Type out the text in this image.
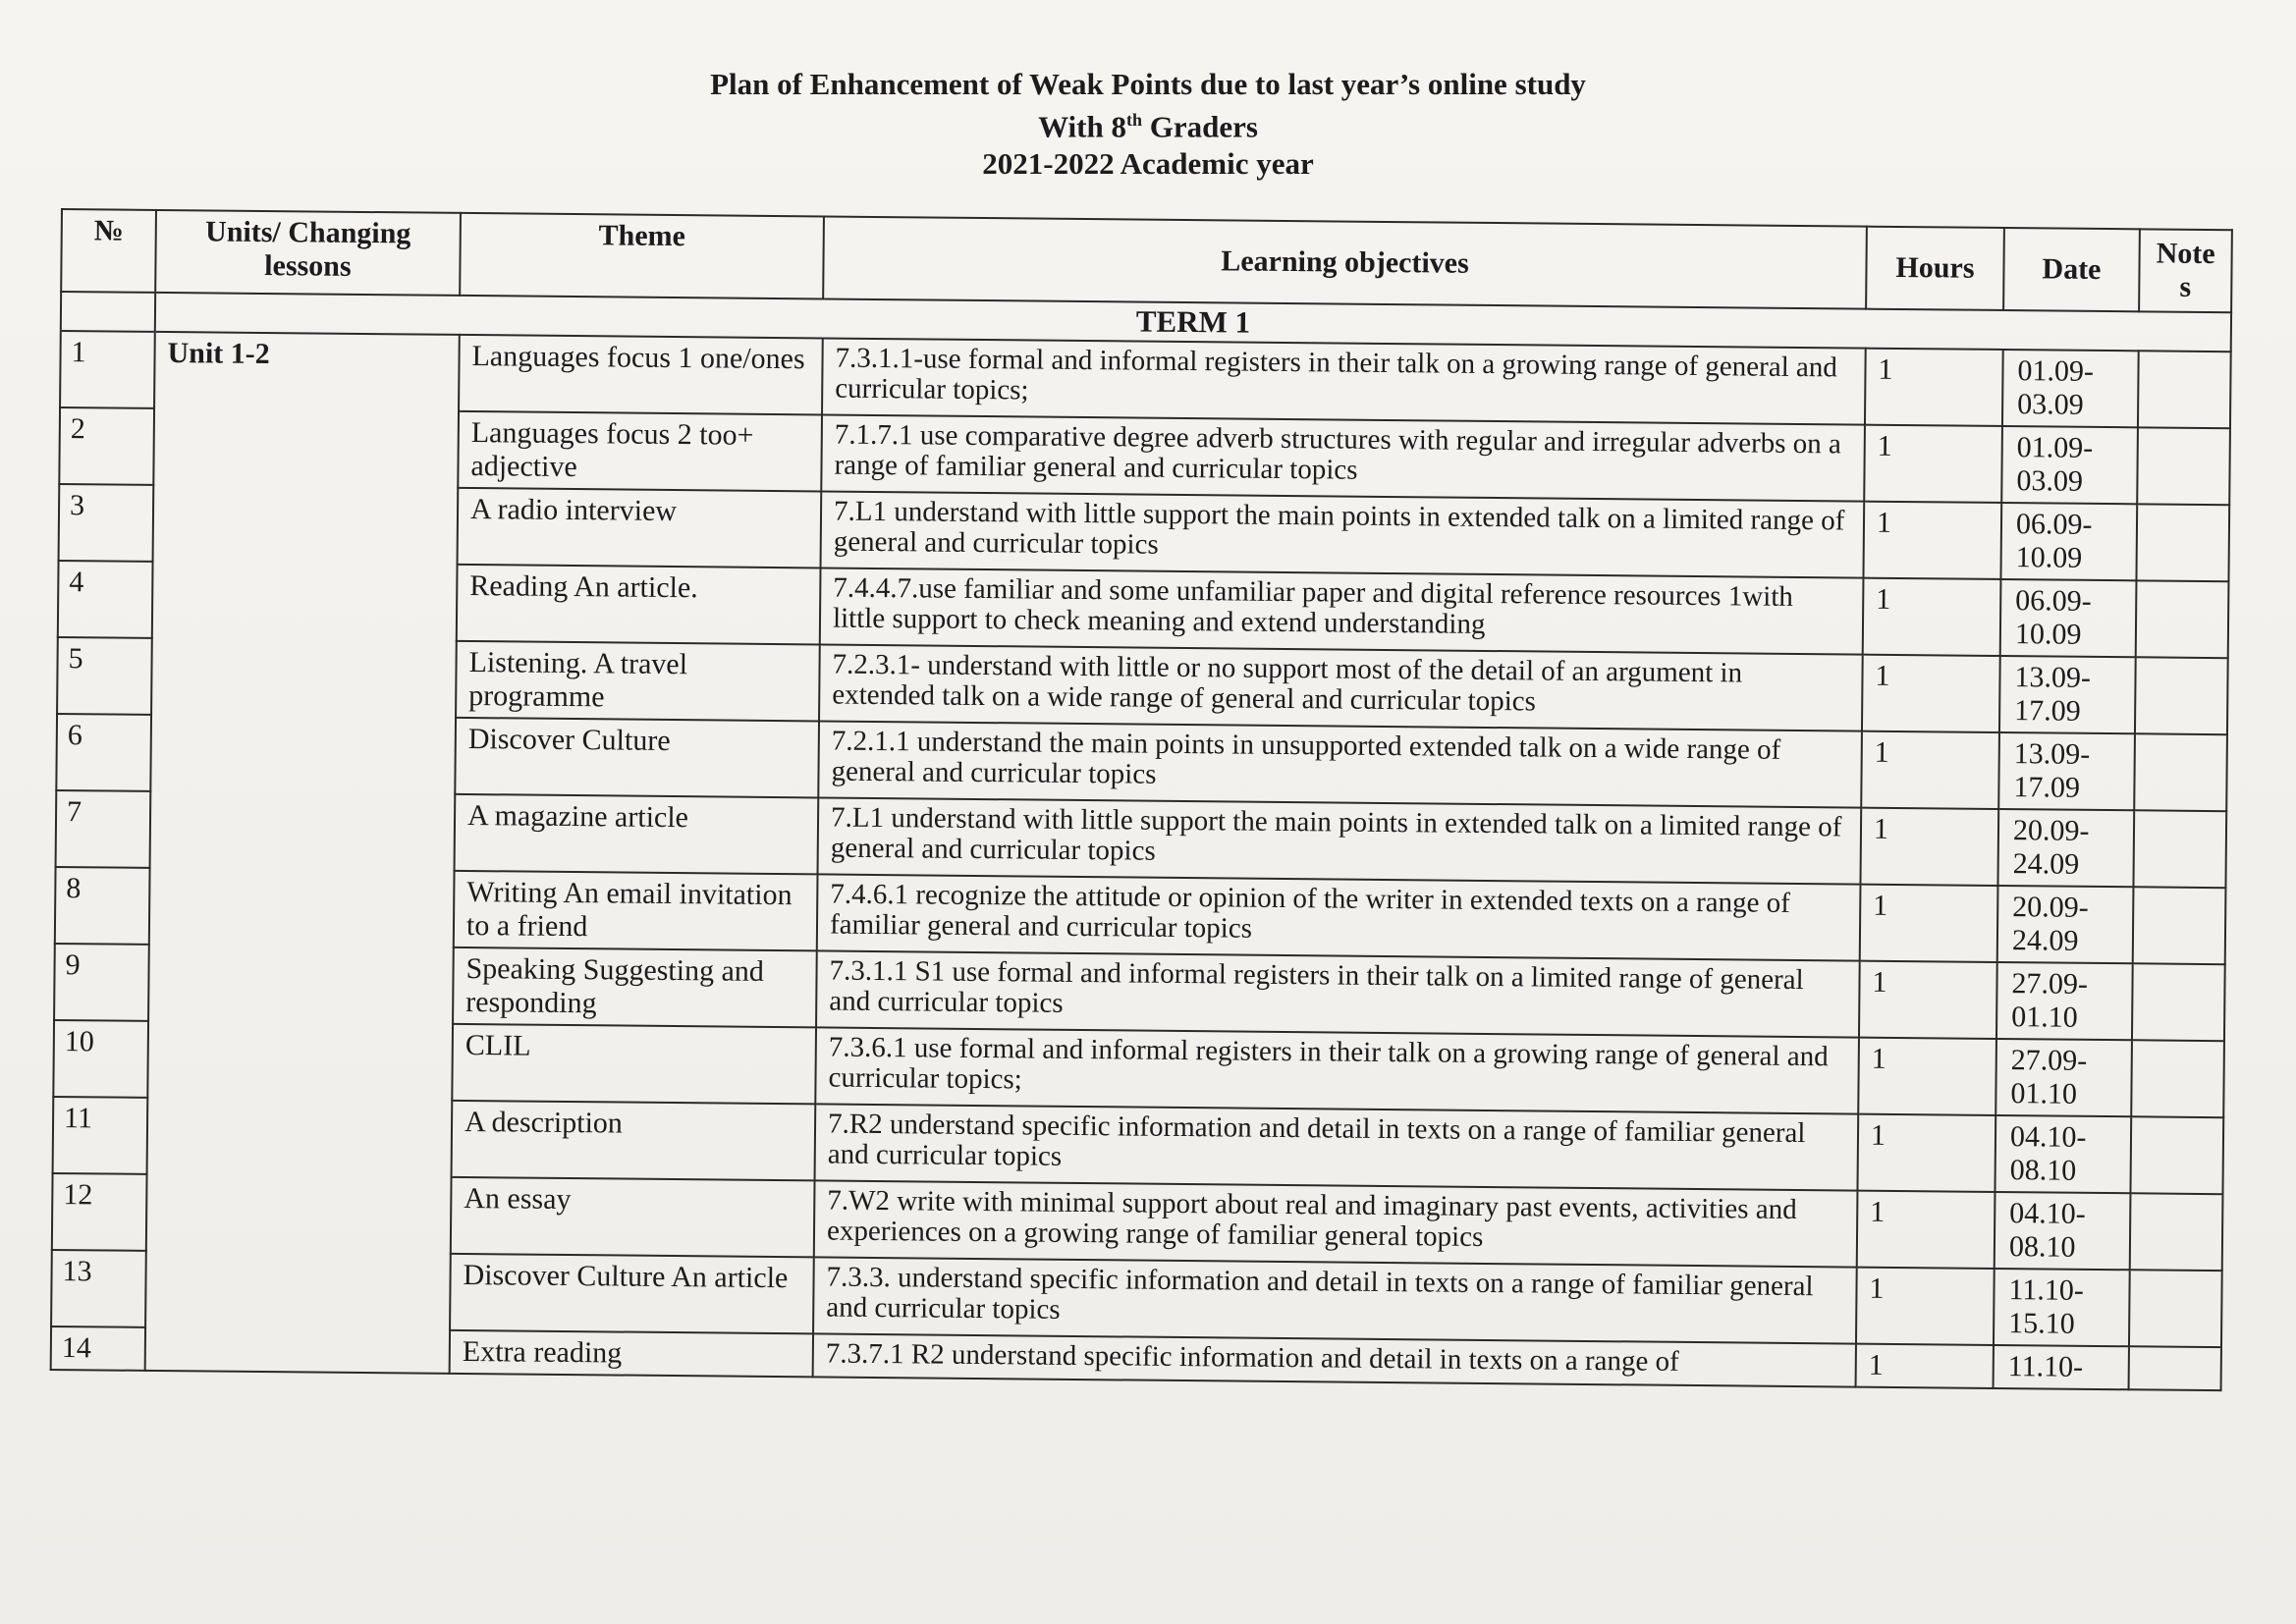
Plan of Enhancement of Weak Points due to last year’s online study
With 8th Graders
2021-2022 Academic year
№	Units/ Changing lessons	Theme	Learning objectives	Hours	Date	Note s
	TERM 1					
1	Unit 1-2	Languages focus 1 one/ones	7.3.1.1-use formal and informal registers in their talk on a growing range of general and curricular topics;	1	01.09-03.09	
2		Languages focus 2 too+ adjective	7.1.7.1 use comparative degree adverb structures with regular and irregular adverbs on a range of familiar general and curricular topics	1	01.09-03.09	
3		A radio interview	7.L1 understand with little support the main points in extended talk on a limited range of general and curricular topics	1	06.09-10.09	
4		Reading An article.	7.4.4.7.use familiar and some unfamiliar paper and digital reference resources 1with little support to check meaning and extend understanding	1	06.09-10.09	
5		Listening. A travel programme	7.2.3.1- understand with little or no support most of the detail of an argument in extended talk on a wide range of general and curricular topics	1	13.09-17.09	
6		Discover Culture	7.2.1.1 understand the main points in unsupported extended talk on a wide range of general and curricular topics	1	13.09-17.09	
7		A magazine article	7.L1 understand with little support the main points in extended talk on a limited range of general and curricular topics	1	20.09-24.09	
8		Writing An email invitation to a friend	7.4.6.1 recognize the attitude or opinion of the writer in extended texts on a range of familiar general and curricular topics	1	20.09-24.09	
9		Speaking Suggesting and responding	7.3.1.1 S1 use formal and informal registers in their talk on a limited range of general and curricular topics	1	27.09-01.10	
10		CLIL	7.3.6.1 use formal and informal registers in their talk on a growing range of general and curricular topics;	1	27.09-01.10	
11		A description	7.R2 understand specific information and detail in texts on a range of familiar general and curricular topics	1	04.10-08.10	
12		An essay	7.W2 write with minimal support about real and imaginary past events, activities and experiences on a growing range of familiar general topics	1	04.10-08.10	
13		Discover Culture An article	7.3.3. understand specific information and detail in texts on a range of familiar general and curricular topics	1	11.10-15.10	
14		Extra reading	7.3.7.1 R2 understand specific information and detail in texts on a range of	1	11.10-	
